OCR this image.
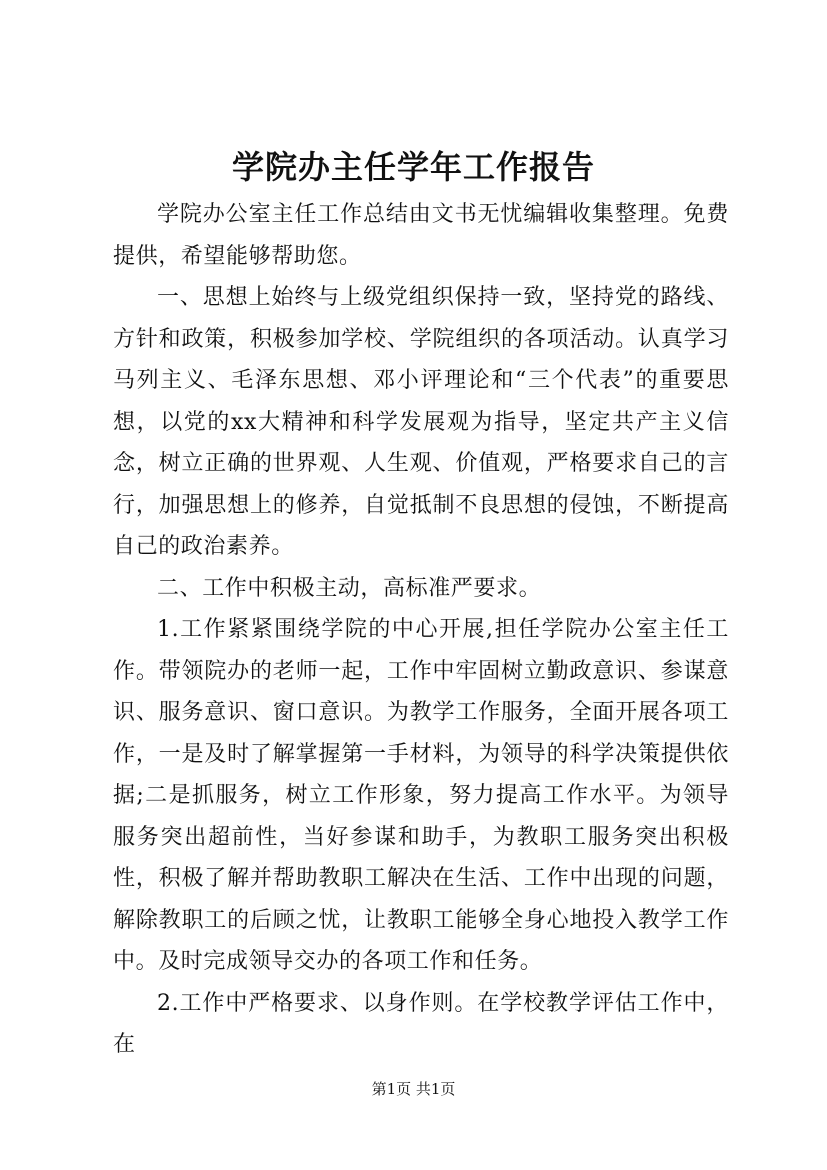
学院办主任学年工作报告

学院办公室主任工作总结由文书无忧编辑收集整理。免费提供，希望能够帮助您。

一、思想上始终与上级党组织保持一致，坚持党的路线、方针和政策，积极参加学校、学院组织的各项活动。认真学习马列主义、毛泽东思想、邓小评理论和“三个代表”的重要思想，以党的xx大精神和科学发展观为指导，坚定共产主义信念，树立正确的世界观、人生观、价值观，严格要求自己的言行，加强思想上的修养，自觉抵制不良思想的侵蚀，不断提高自己的政治素养。

二、工作中积极主动，高标准严要求。

1.工作紧紧围绕学院的中心开展,担任学院办公室主任工作。带领院办的老师一起，工作中牢固树立勤政意识、参谋意识、服务意识、窗口意识。为教学工作服务，全面开展各项工作，一是及时了解掌握第一手材料，为领导的科学决策提供依据;二是抓服务，树立工作形象，努力提高工作水平。为领导服务突出超前性，当好参谋和助手，为教职工服务突出积极性，积极了解并帮助教职工解决在生活、工作中出现的问题，解除教职工的后顾之忧，让教职工能够全身心地投入教学工作中。及时完成领导交办的各项工作和任务。

2.工作中严格要求、以身作则。在学校教学评估工作中，在

第1页 共1页
